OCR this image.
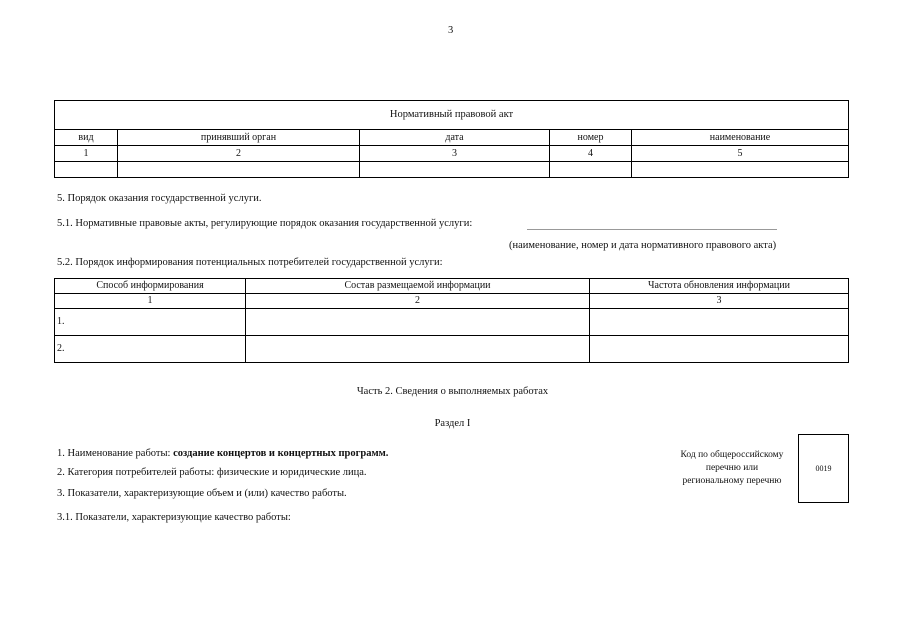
3
Нормативный правовой акт				
вид	принявший орган	дата	номер	наименование
1	2	3	4	5

5. Порядок оказания государственной услуги.
5.1. Нормативные правовые акты, регулирующие порядок оказания государственной услуги:
(наименование, номер и дата нормативного правового акта)
5.2. Порядок информирования потенциальных потребителей государственной услуги:
Способ информирования	Состав размещаемой информации	Частота обновления информации
1	2	3
1.		
2.		
Часть 2. Сведения о выполняемых работах
Раздел I
1. Наименование работы: создание концертов и концертных программ.
2. Категория потребителей работы: физические и юридические лица.
3. Показатели, характеризующие объем и (или) качество работы.
3.1. Показатели, характеризующие качество работы:
Код по общероссийскому
перечню или
региональному перечню
0019
